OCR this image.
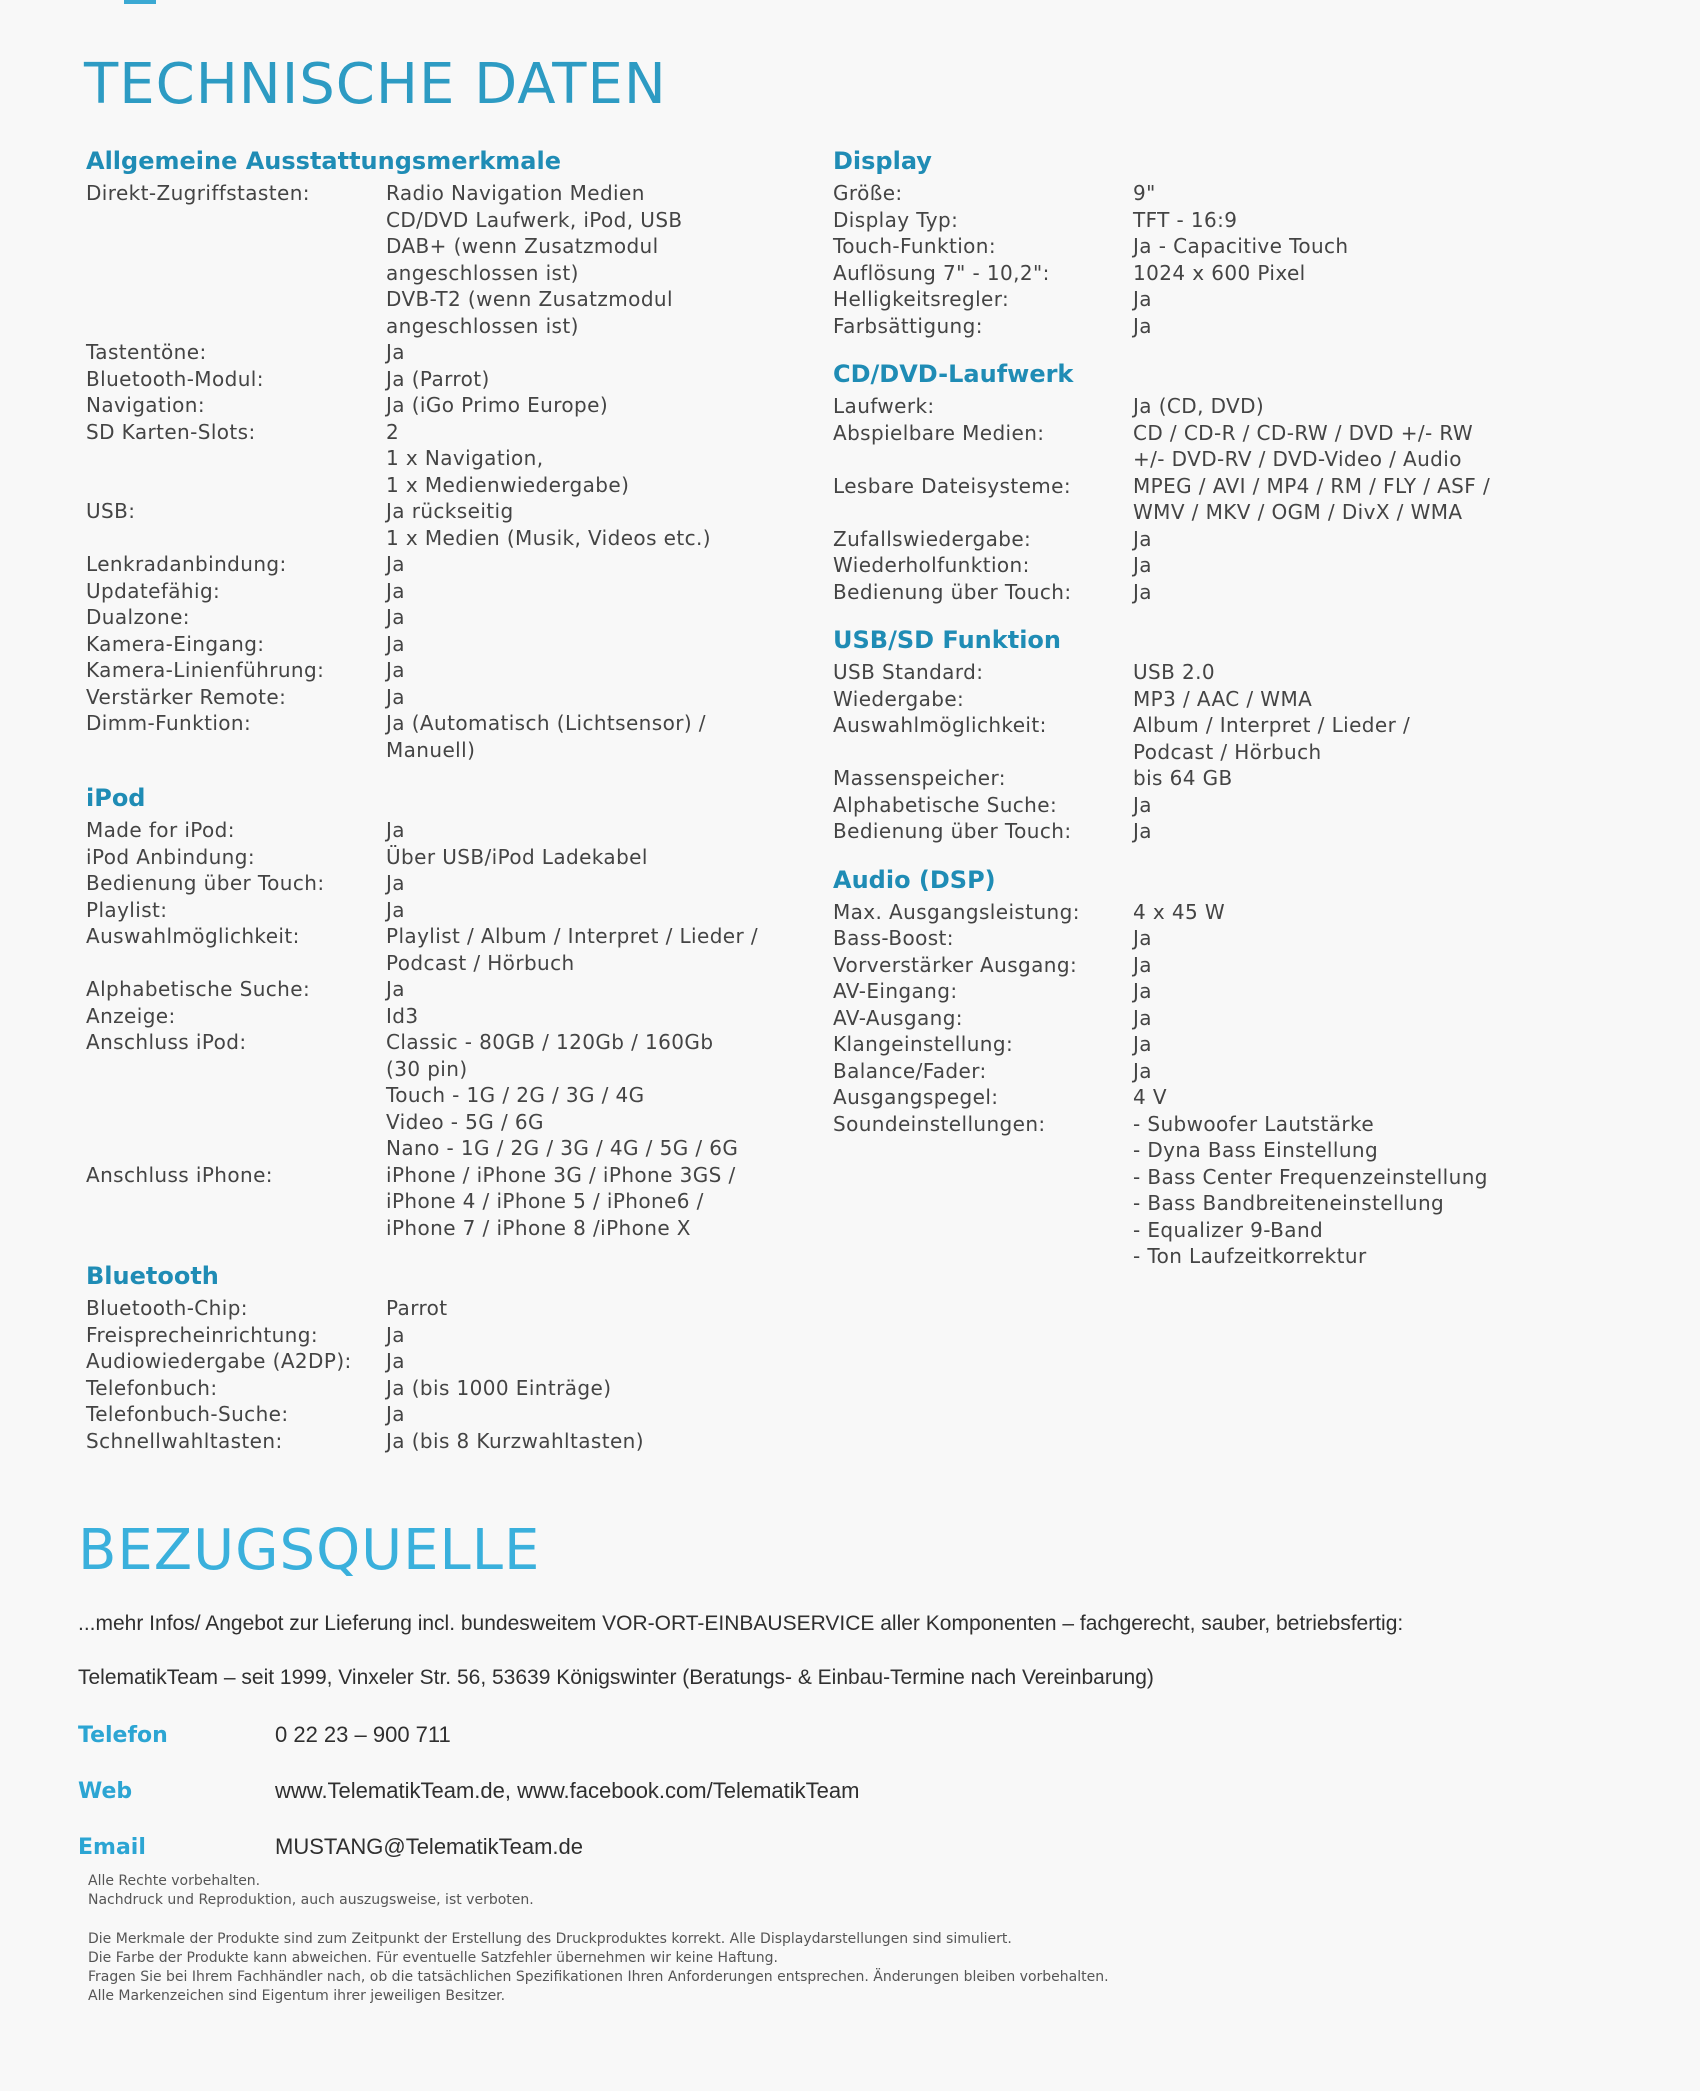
TECHNISCHE DATEN
Allgemeine Ausstattungsmerkmale
Direkt-Zugriffstasten:	Radio Navigation Medien
CD/DVD Laufwerk, iPod, USB
DAB+ (wenn Zusatzmodul
angeschlossen ist)
DVB-T2 (wenn Zusatzmodul
angeschlossen ist)
Tastentöne:	Ja
Bluetooth-Modul:	Ja (Parrot)
Navigation:	Ja (iGo Primo Europe)
SD Karten-Slots:	2
1 x Navigation,
1 x Medienwiedergabe)
USB:	Ja rückseitig
1 x Medien (Musik, Videos etc.)
Lenkradanbindung:	Ja
Updatefähig:	Ja
Dualzone:	Ja
Kamera-Eingang:	Ja
Kamera-Linienführung:	Ja
Verstärker Remote:	Ja
Dimm-Funktion:	Ja (Automatisch (Lichtsensor) /
Manuell)
iPod
Made for iPod:	Ja
iPod Anbindung:	Über USB/iPod Ladekabel
Bedienung über Touch:	Ja
Playlist:	Ja
Auswahlmöglichkeit:	Playlist / Album / Interpret / Lieder /
Podcast / Hörbuch
Alphabetische Suche:	Ja
Anzeige:	Id3
Anschluss iPod:	Classic - 80GB / 120Gb / 160Gb
(30 pin)
Touch - 1G / 2G / 3G / 4G
Video - 5G / 6G
Nano - 1G / 2G / 3G / 4G / 5G / 6G
Anschluss iPhone:	iPhone / iPhone 3G / iPhone 3GS /
iPhone 4 / iPhone 5 / iPhone6 /
iPhone 7 / iPhone 8 /iPhone X
Bluetooth
Bluetooth-Chip:	Parrot
Freisprecheinrichtung:	Ja
Audiowiedergabe (A2DP):	Ja
Telefonbuch:	Ja (bis 1000 Einträge)
Telefonbuch-Suche:	Ja
Schnellwahltasten:	Ja (bis 8 Kurzwahltasten)
Display
Größe:	9"
Display Typ:	TFT - 16:9
Touch-Funktion:	Ja - Capacitive Touch
Auflösung 7" - 10,2":	1024 x 600 Pixel
Helligkeitsregler:	Ja
Farbsättigung:	Ja
CD/DVD-Laufwerk
Laufwerk:	Ja (CD, DVD)
Abspielbare Medien:	CD / CD-R / CD-RW / DVD +/- RW
+/- DVD-RV / DVD-Video / Audio
Lesbare Dateisysteme:	MPEG / AVI / MP4 / RM / FLY / ASF /
WMV / MKV / OGM / DivX / WMA
Zufallswiedergabe:	Ja
Wiederholfunktion:	Ja
Bedienung über Touch:	Ja
USB/SD Funktion
USB Standard:	USB 2.0
Wiedergabe:	MP3 / AAC / WMA
Auswahlmöglichkeit:	Album / Interpret / Lieder /
Podcast / Hörbuch
Massenspeicher:	bis 64 GB
Alphabetische Suche:	Ja
Bedienung über Touch:	Ja
Audio (DSP)
Max. Ausgangsleistung:	4 x 45 W
Bass-Boost:	Ja
Vorverstärker Ausgang:	Ja
AV-Eingang:	Ja
AV-Ausgang:	Ja
Klangeinstellung:	Ja
Balance/Fader:	Ja
Ausgangspegel:	4 V
Soundeinstellungen:	- Subwoofer Lautstärke
- Dyna Bass Einstellung
- Bass Center Frequenzeinstellung
- Bass Bandbreiteneinstellung
- Equalizer 9-Band
- Ton Laufzeitkorrektur
BEZUGSQUELLE
...mehr Infos/ Angebot zur Lieferung incl. bundesweitem VOR-ORT-EINBAUSERVICE aller Komponenten – fachgerecht, sauber, betriebsfertig:
TelematikTeam – seit 1999, Vinxeler Str. 56, 53639 Königswinter (Beratungs- & Einbau-Termine nach Vereinbarung)
Telefon	0 22 23 – 900 711
Web	www.TelematikTeam.de, www.facebook.com/TelematikTeam
Email	MUSTANG@TelematikTeam.de
Alle Rechte vorbehalten.
Nachdruck und Reproduktion, auch auszugsweise, ist verboten.
Die Merkmale der Produkte sind zum Zeitpunkt der Erstellung des Druckproduktes korrekt. Alle Displaydarstellungen sind simuliert.
Die Farbe der Produkte kann abweichen. Für eventuelle Satzfehler übernehmen wir keine Haftung.
Fragen Sie bei Ihrem Fachhändler nach, ob die tatsächlichen Spezifikationen Ihren Anforderungen entsprechen. Änderungen bleiben vorbehalten.
Alle Markenzeichen sind Eigentum ihrer jeweiligen Besitzer.
